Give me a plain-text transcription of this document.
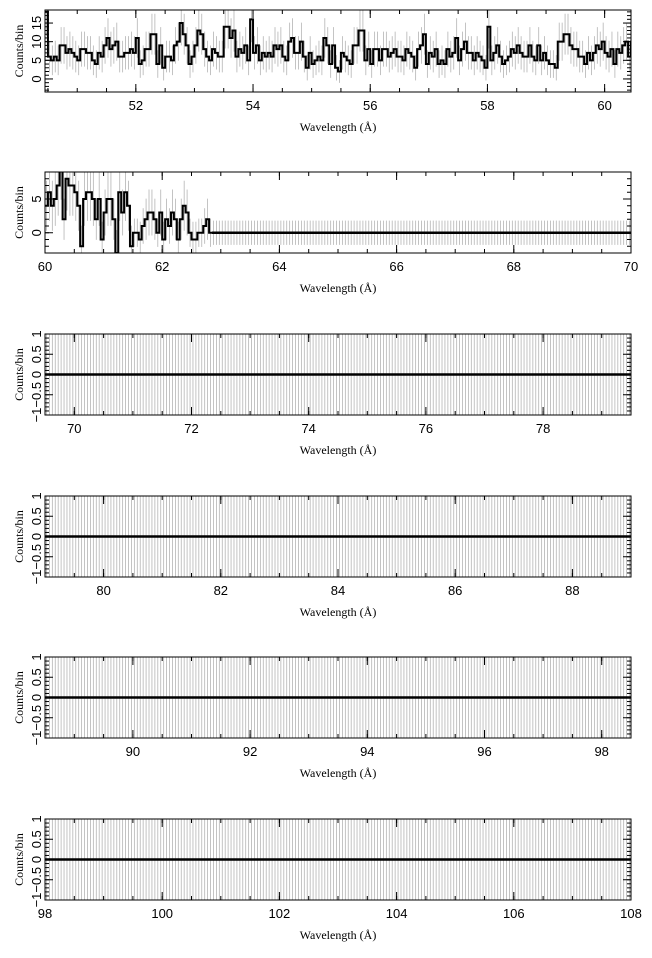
52	54	56	58	60
0
5
10
15
Counts/bin
Wavelength (Å)
60	62	64	66	68	70
0
5
Counts/bin
Wavelength (Å)
70	72	74	76	78
−1
−0.5
0
0.5
1
Counts/bin
Wavelength (Å)
80	82	84	86	88
−1
−0.5
0
0.5
1
Counts/bin
Wavelength (Å)
90	92	94	96	98
−1
−0.5
0
0.5
1
Counts/bin
Wavelength (Å)
98	100	102	104	106	108
−1
−0.5
0
0.5
1
Counts/bin
Wavelength (Å)
